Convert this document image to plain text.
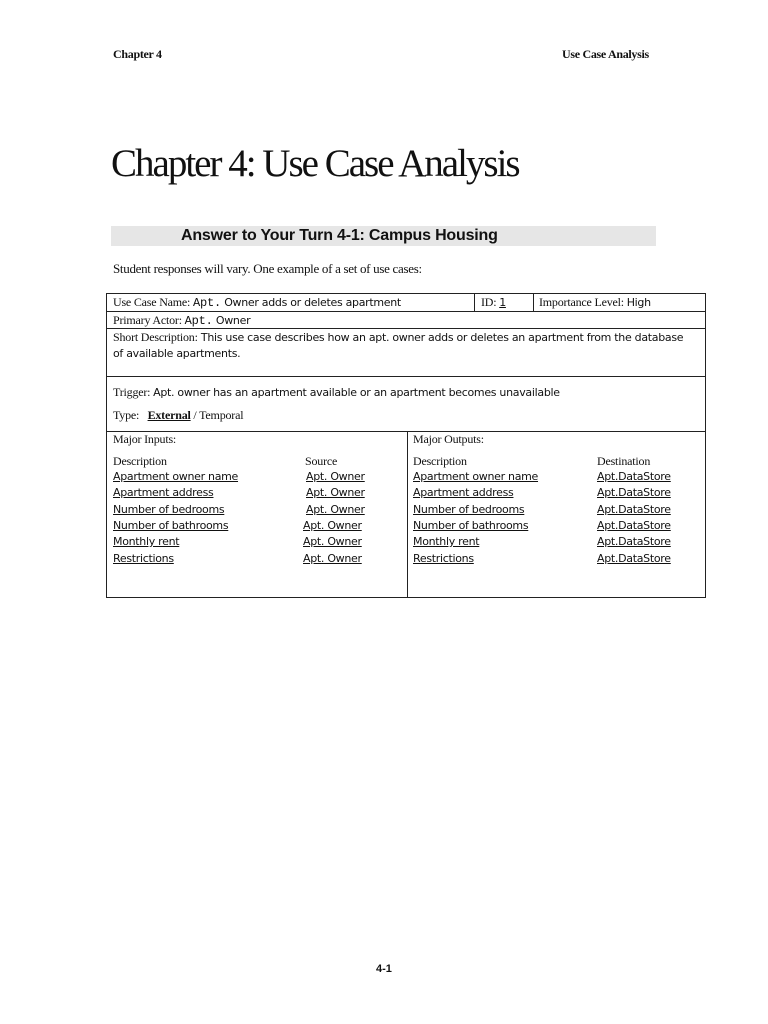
Chapter 4	Use Case Analysis
Chapter 4: Use Case Analysis
Answer to Your Turn 4-1: Campus Housing
Student responses will vary. One example of a set of use cases:
Use Case Name: Apt. Owner adds or deletes apartment	ID: 1	Importance Level: High
Primary Actor: Apt. Owner
Short Description: This use case describes how an apt. owner adds or deletes an apartment from the database
of available apartments.
Trigger: Apt. owner has an apartment available or an apartment becomes unavailable
Type:   External / Temporal
Major Inputs:
Description	Source
Apartment owner name	Apt. Owner
Apartment address	Apt. Owner
Number of bedrooms	Apt. Owner
Number of bathrooms	Apt. Owner
Monthly rent	Apt. Owner
Restrictions	Apt. Owner
Major Outputs:
Description	Destination
Apartment owner name	Apt.DataStore
Apartment address	Apt.DataStore
Number of bedrooms	Apt.DataStore
Number of bathrooms	Apt.DataStore
Monthly rent	Apt.DataStore
Restrictions	Apt.DataStore
4-1
